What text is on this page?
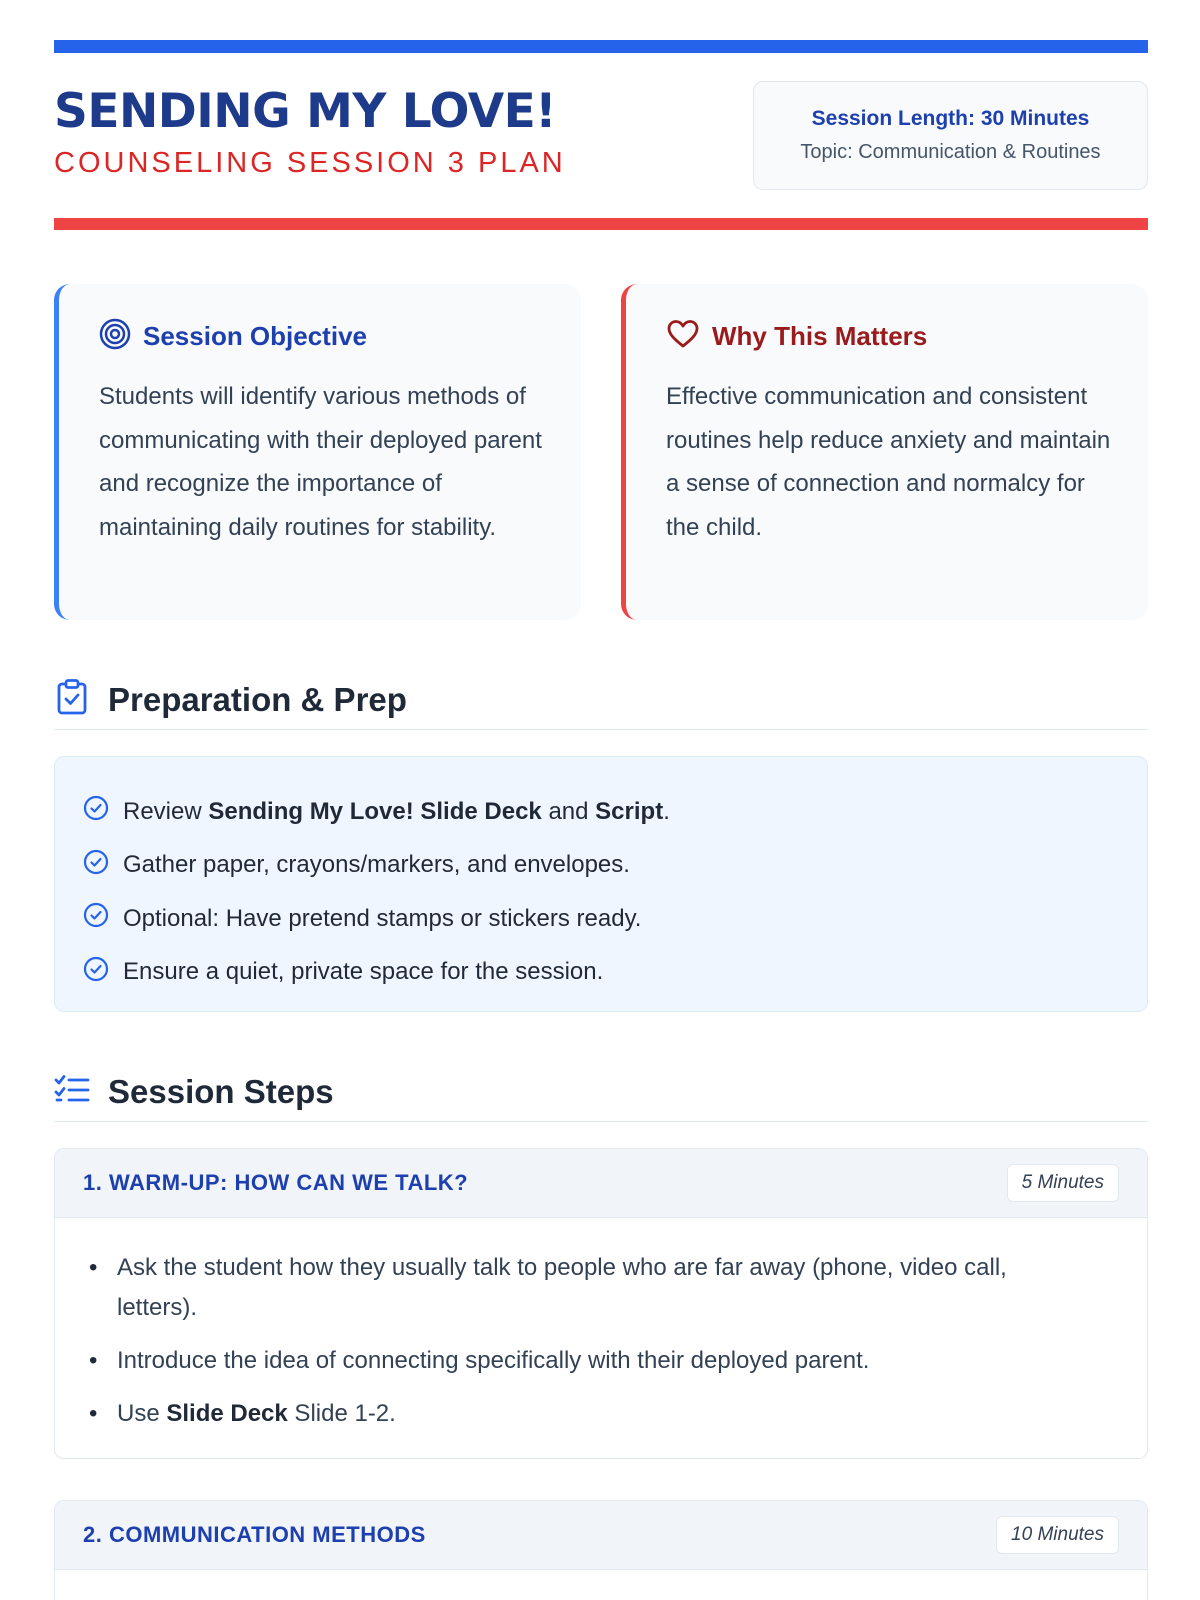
SENDING MY LOVE!
COUNSELING SESSION 3 PLAN
Session Length: 30 Minutes
Topic: Communication & Routines
Session Objective

Students will identify various methods of communicating with their deployed parent and recognize the importance of maintaining daily routines for stability.

Why This Matters

Effective communication and consistent routines help reduce anxiety and maintain a sense of connection and normalcy for the child.

Preparation & Prep
Review Sending My Love! Slide Deck and Script.
Gather paper, crayons/markers, and envelopes.
Optional: Have pretend stamps or stickers ready.
Ensure a quiet, private space for the session.
Session Steps
1. WARM-UP: HOW CAN WE TALK?	5 Minutes
• Ask the student how they usually talk to people who are far away (phone, video call, letters).
• Introduce the idea of connecting specifically with their deployed parent.
• Use Slide Deck Slide 1-2.
2. COMMUNICATION METHODS	10 Minutes
